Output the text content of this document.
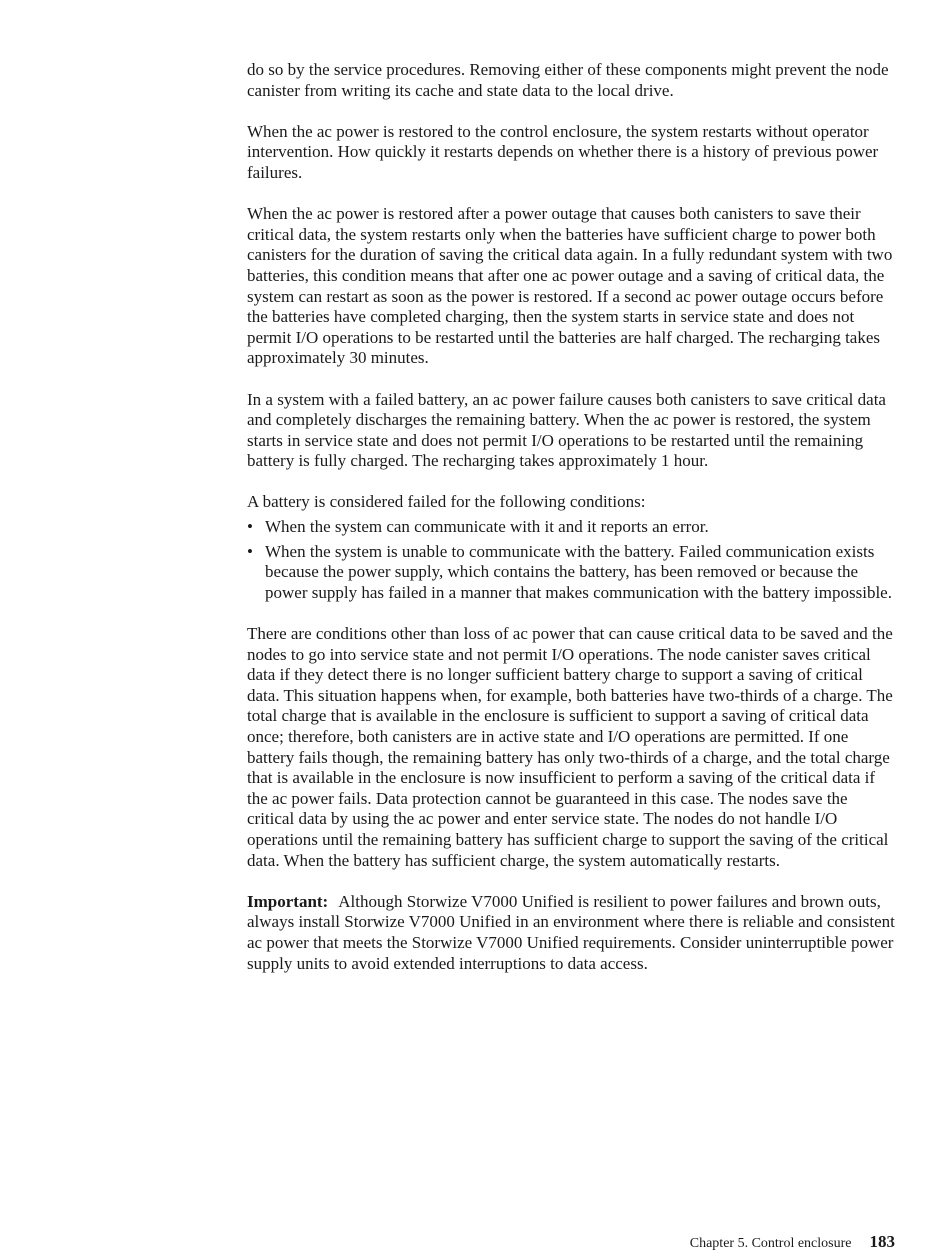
do so by the service procedures. Removing either of these components might prevent the node canister from writing its cache and state data to the local drive.

When the ac power is restored to the control enclosure, the system restarts without operator intervention. How quickly it restarts depends on whether there is a history of previous power failures.

When the ac power is restored after a power outage that causes both canisters to save their critical data, the system restarts only when the batteries have sufficient charge to power both canisters for the duration of saving the critical data again. In a fully redundant system with two batteries, this condition means that after one ac power outage and a saving of critical data, the system can restart as soon as the power is restored. If a second ac power outage occurs before the batteries have completed charging, then the system starts in service state and does not permit I/O operations to be restarted until the batteries are half charged. The recharging takes approximately 30 minutes.

In a system with a failed battery, an ac power failure causes both canisters to save critical data and completely discharges the remaining battery. When the ac power is restored, the system starts in service state and does not permit I/O operations to be restarted until the remaining battery is fully charged. The recharging takes approximately 1 hour.

A battery is considered failed for the following conditions:

• When the system can communicate with it and it reports an error.
• When the system is unable to communicate with the battery. Failed communication exists because the power supply, which contains the battery, has been removed or because the power supply has failed in a manner that makes communication with the battery impossible.

There are conditions other than loss of ac power that can cause critical data to be saved and the nodes to go into service state and not permit I/O operations. The node canister saves critical data if they detect there is no longer sufficient battery charge to support a saving of critical data. This situation happens when, for example, both batteries have two-thirds of a charge. The total charge that is available in the enclosure is sufficient to support a saving of critical data once; therefore, both canisters are in active state and I/O operations are permitted. If one battery fails though, the remaining battery has only two-thirds of a charge, and the total charge that is available in the enclosure is now insufficient to perform a saving of the critical data if the ac power fails. Data protection cannot be guaranteed in this case. The nodes save the critical data by using the ac power and enter service state. The nodes do not handle I/O operations until the remaining battery has sufficient charge to support the saving of the critical data. When the battery has sufficient charge, the system automatically restarts.

Important: Although Storwize V7000 Unified is resilient to power failures and brown outs, always install Storwize V7000 Unified in an environment where there is reliable and consistent ac power that meets the Storwize V7000 Unified requirements. Consider uninterruptible power supply units to avoid extended interruptions to data access.

Chapter 5. Control enclosure 183
